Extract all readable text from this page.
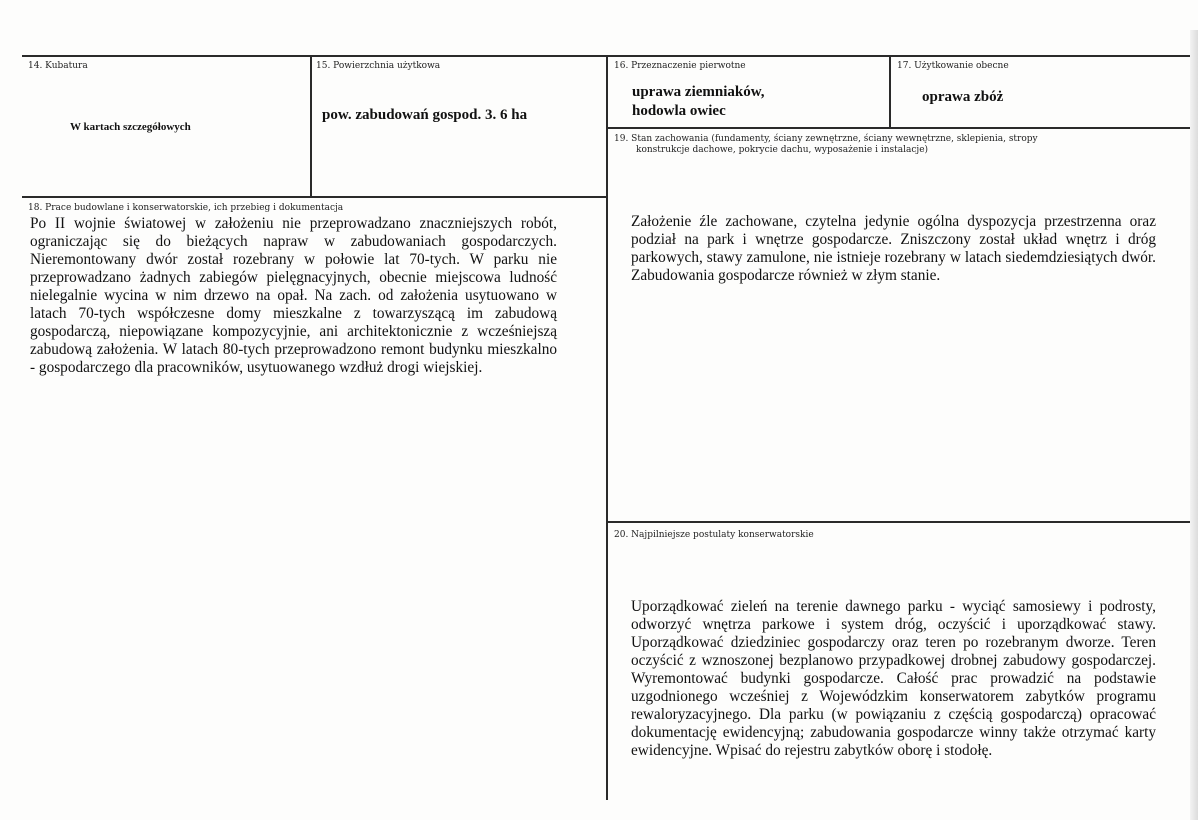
14. Kubatura
W kartach szczegółowych
15. Powierzchnia użytkowa
pow. zabudowań gospod. 3. 6 ha
16. Przeznaczenie pierwotne
uprawa ziemniaków,
hodowla owiec
17. Użytkowanie obecne
oprawa zbóż
19. Stan zachowania (fundamenty, ściany zewnętrzne, ściany wewnętrzne, sklepienia, stropy
konstrukcje dachowe, pokrycie dachu, wyposażenie i instalacje)
Założenie źle zachowane, czytelna jedynie ogólna dyspozycja przestrzenna oraz podział na park i wnętrze gospodarcze. Zniszczony został układ wnętrz i dróg parkowych, stawy zamulone, nie istnieje rozebrany w latach siedemdziesiątych dwór. Zabudowania gospodarcze również w złym stanie.
18. Prace budowlane i konserwatorskie, ich przebieg i dokumentacja
Po II wojnie światowej w założeniu nie przeprowadzano znaczniejszych robót, ograniczając się do bieżących napraw w zabudowaniach gospodarczych. Nieremontowany dwór został rozebrany w połowie lat 70-tych. W parku nie przeprowadzano żadnych zabiegów pielęgnacyjnych, obecnie miejscowa ludność nielegalnie wycina w nim drzewo na opał. Na zach. od założenia usytuowano w latach 70-tych współczesne domy mieszkalne z towarzyszącą im zabudową gospodarczą, niepowiązane kompozycyjnie, ani architektonicznie z wcześniejszą zabudową założenia. W latach 80-tych przeprowadzono remont budynku mieszkalno - gospodarczego dla pracowników, usytuowanego wzdłuż drogi wiejskiej.
20. Najpilniejsze postulaty konserwatorskie
Uporządkować zieleń na terenie dawnego parku - wyciąć samosiewy i podrosty, odworzyć wnętrza parkowe i system dróg, oczyścić i uporządkować stawy. Uporządkować dziedziniec gospodarczy oraz teren po rozebranym dworze. Teren oczyścić z wznoszonej bezplanowo przypadkowej drobnej zabudowy gospodarczej. Wyremontować budynki gospodarcze. Całość prac prowadzić na podstawie uzgodnionego wcześniej z Wojewódzkim konserwatorem zabytków programu rewaloryzacyjnego. Dla parku (w powiązaniu z częścią gospodarczą) opracować dokumentację ewidencyjną; zabudowania gospodarcze winny także otrzymać karty ewidencyjne. Wpisać do rejestru zabytków oborę i stodołę.
